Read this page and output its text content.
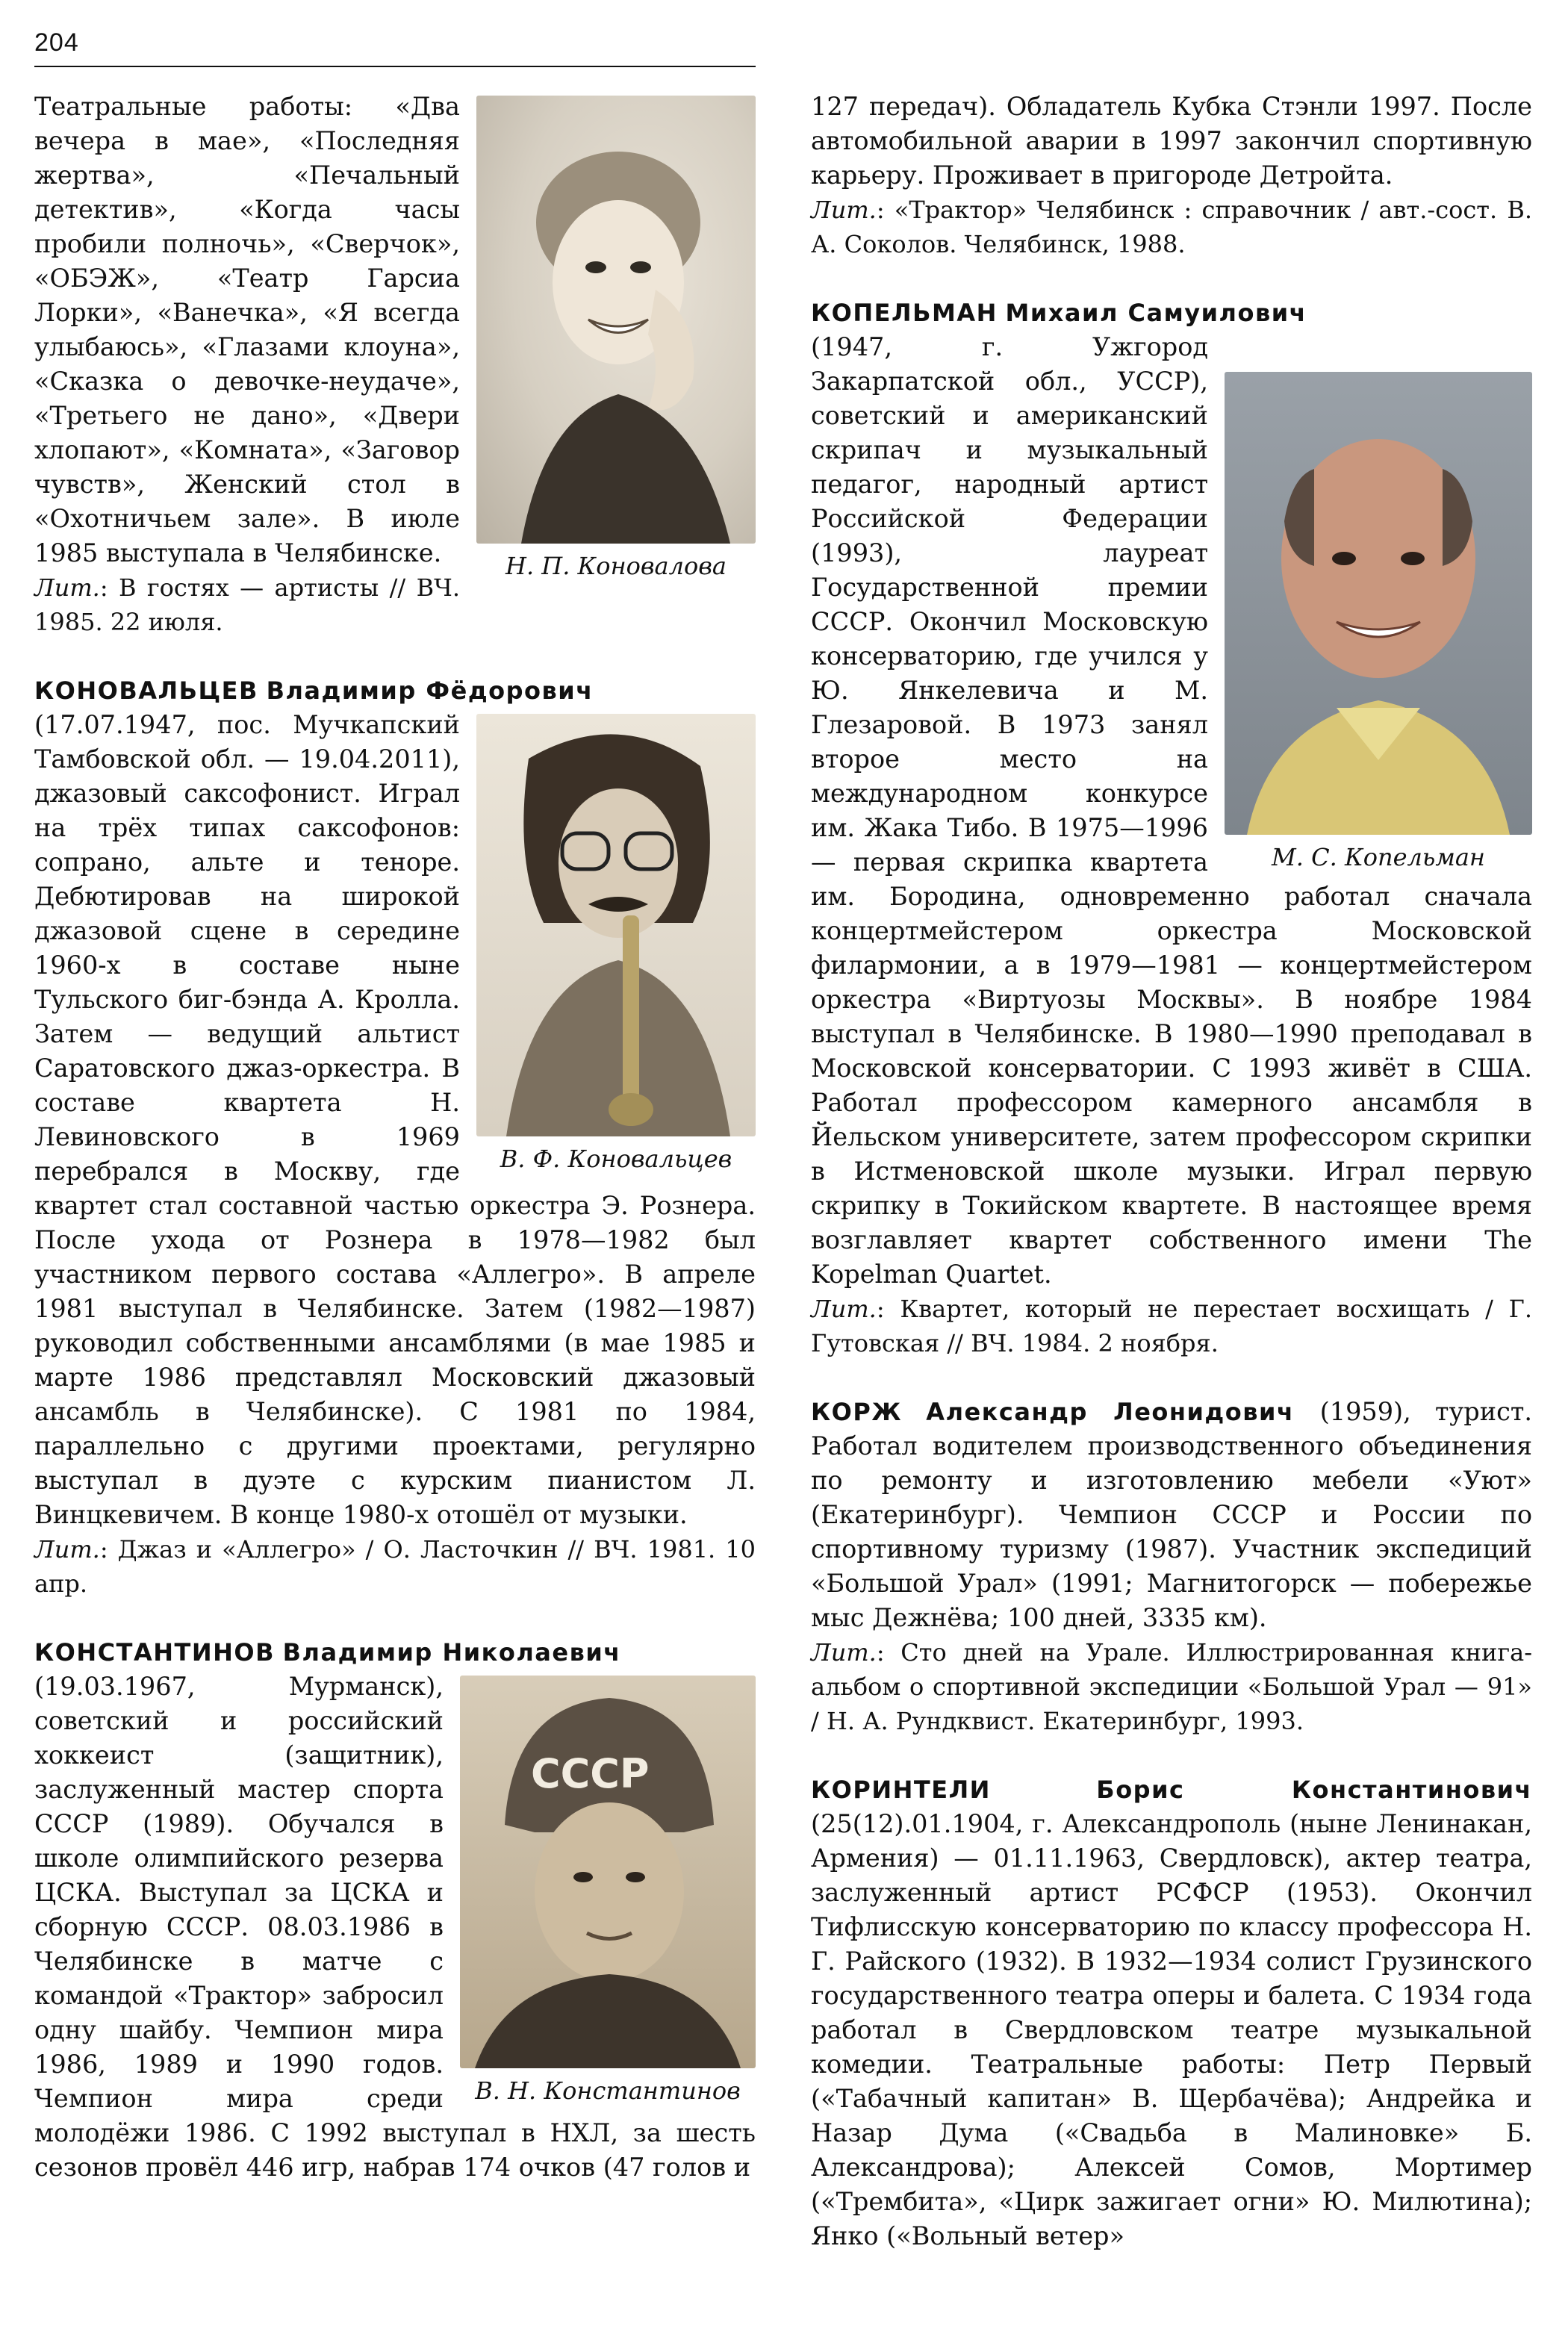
204
Н. П. Коновалова

Театральные работы: «Два вечера в мае», «Последняя жертва», «Печальный детектив», «Когда часы пробили полночь», «Сверчок», «ОБЭЖ», «Театр Гарсиа Лорки», «Ванечка», «Я всегда улыбаюсь», «Глазами клоуна», «Сказка о девочке-неудаче», «Третьего не дано», «Двери хлопают», «Комната», «Заговор чувств», Женский стол в «Охотничьем зале». В июле 1985 выступала в Челябинске.

Лит.: В гостях — артисты // ВЧ. 1985. 22 июля.

КОНОВАЛЬЦЕВ Владимир Фёдорович

В. Ф. Коновальцев

(17.07.1947, пос. Мучкапский Тамбовской обл. — 19.04.2011), джазовый саксофонист. Играл на трёх типах саксофонов: сопрано, альте и теноре. Дебютировав на широкой джазовой сцене в середине 1960-х в составе ныне Тульского биг-бэнда А. Кролла. Затем — ведущий альтист Саратовского джаз-оркестра. В составе квартета Н. Левиновского в 1969 перебрался в Москву, где квартет стал составной частью оркестра Э. Рознера. После ухода от Рознера в 1978—1982 был участником первого состава «Аллегро». В апреле 1981 выступал в Челябинске. Затем (1982—1987) руководил собственными ансамблями (в мае 1985 и марте 1986 представлял Московский джазовый ансамбль в Челябинске). С 1981 по 1984, параллельно с другими проектами, регулярно выступал в дуэте с курским пианистом Л. Винцкевичем. В конце 1980-х отошёл от музыки.

Лит.: Джаз и «Аллегро» / О. Ласточкин // ВЧ. 1981. 10 апр.

КОНСТАНТИНОВ Владимир Николаевич

СССР
В. Н. Константинов

(19.03.1967, Мурманск), советский и российский хоккеист (защитник), заслуженный мастер спорта СССР (1989). Обучался в школе олимпийского резерва ЦСКА. Выступал за ЦСКА и сборную СССР. 08.03.1986 в Челябинске в матче с командой «Трактор» забросил одну шайбу. Чемпион мира 1986, 1989 и 1990 годов. Чемпион мира среди молодёжи 1986. С 1992 выступал в НХЛ, за шесть сезонов провёл 446 игр, набрав 174 очков (47 голов и

127 передач). Обладатель Кубка Стэнли 1997. После автомобильной аварии в 1997 закончил спортивную карьеру. Проживает в пригороде Детройта.

Лит.: «Трактор» Челябинск : справочник / авт.-сост. В. А. Соколов. Челябинск, 1988.

КОПЕЛЬМАН Михаил Самуилович

М. С. Копельман

(1947, г. Ужгород Закарпатской обл., УССР), советский и американский скрипач и музыкальный педагог, народный артист Российской Федерации (1993), лауреат Государственной премии СССР. Окончил Московскую консерваторию, где учился у Ю. Янкелевича и М. Глезаровой. В 1973 занял второе место на международном конкурсе им. Жака Тибо. В 1975—1996 — первая скрипка квартета им. Бородина, одновременно работал сначала концертмейстером оркестра Московской филармонии, а в 1979—1981 — концертмейстером оркестра «Виртуозы Москвы». В ноябре 1984 выступал в Челябинске. В 1980—1990 преподавал в Московской консерватории. С 1993 живёт в США. Работал профессором камерного ансамбля в Йельском университете, затем профессором скрипки в Истменовской школе музыки. Играл первую скрипку в Токийском квартете. В настоящее время возглавляет квартет собственного имени The Kopelman Quartet.

Лит.: Квартет, который не перестает восхищать / Г. Гутовская // ВЧ. 1984. 2 ноября.

КОРЖ Александр Леонидович (1959), турист. Работал водителем производственного объединения по ремонту и изготовлению мебели «Уют» (Екатеринбург). Чемпион СССР и России по спортивному туризму (1987). Участник экспедиций «Большой Урал» (1991; Магнитогорск — побережье мыс Дежнёва; 100 дней, 3335 км).

Лит.: Сто дней на Урале. Иллюстрированная книга-альбом о спортивной экспедиции «Большой Урал — 91» / Н. А. Рундквист. Екатеринбург, 1993.

КОРИНТЕЛИ	Борис Константинович (25(12).01.1904, г. Александрополь (ныне Ленинакан, Армения) — 01.11.1963, Свердловск), актер театра, заслуженный артист РСФСР (1953). Окончил Тифлисскую консерваторию по классу профессора Н. Г. Райского (1932). В 1932—1934 солист Грузинского государственного театра оперы и балета. С 1934 года работал в Свердловском театре музыкальной комедии. Театральные работы: Петр Первый («Табачный капитан» В. Щербачёва); Андрейка и Назар Дума («Свадьба в Малиновке» Б. Александрова); Алексей Сомов, Мортимер («Трембита», «Цирк зажигает огни» Ю. Милютина); Янко («Вольный ветер»
